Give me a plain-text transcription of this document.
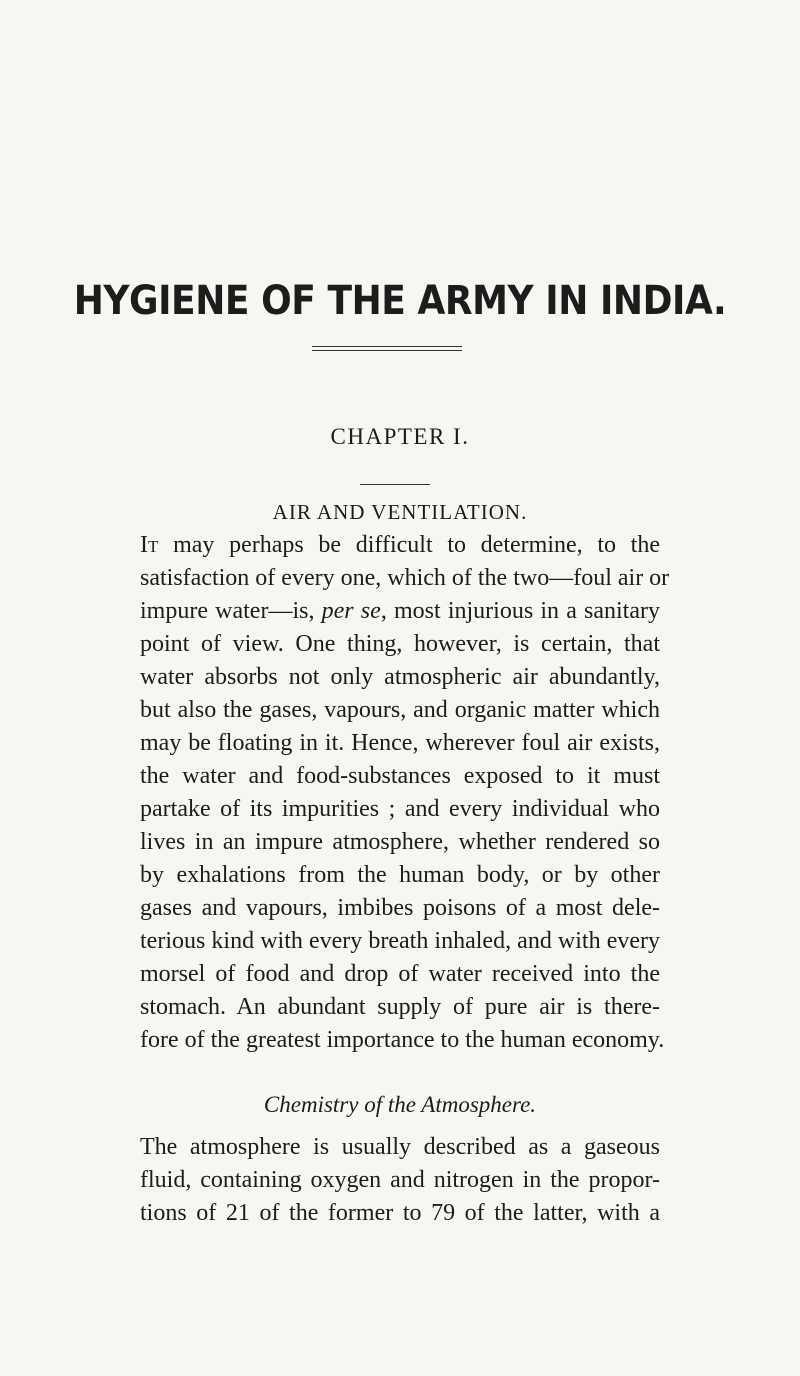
HYGIENE OF THE ARMY IN INDIA.
CHAPTER I.
AIR AND VENTILATION.
It may perhaps be difficult to determine, to the
satisfaction of every one, which of the two—foul air or
impure water—is, per se, most injurious in a sanitary
point of view. One thing, however, is certain, that
water absorbs not only atmospheric air abundantly,
but also the gases, vapours, and organic matter which
may be floating in it. Hence, wherever foul air exists,
the water and food-substances exposed to it must
partake of its impurities ; and every individual who
lives in an impure atmosphere, whether rendered so
by exhalations from the human body, or by other
gases and vapours, imbibes poisons of a most dele-
terious kind with every breath inhaled, and with every
morsel of food and drop of water received into the
stomach. An abundant supply of pure air is there-
fore of the greatest importance to the human economy.
Chemistry of the Atmosphere.
The atmosphere is usually described as a gaseous
fluid, containing oxygen and nitrogen in the propor-
tions of 21 of the former to 79 of the latter, with a
